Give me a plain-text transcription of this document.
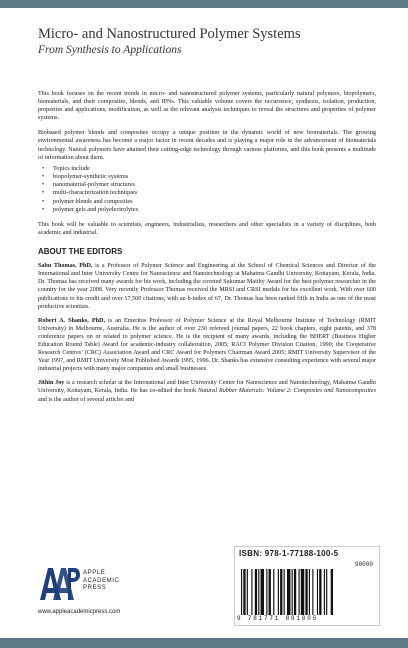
Micro- and Nanostructured Polymer Systems
From Synthesis to Applications

This book focuses on the recent trends in micro- and nanostructured polymer systems, particularly natural polymers, biopolymers, biomaterials, and their composites, blends, and IPNs. This valuable volume covers the occurrence, synthesis, isolation, production, properties and applications, modification, as well as the relevant analysis techniques to reveal the structures and properties of polymer systems.

Biobased polymer blends and composites occupy a unique position in the dynamic world of new biomaterials. The growing environmental awareness has become a major factor in recent decades and is playing a major role in the advancement of biomaterials technology. Natural polymers have attained their cutting-edge technology through various platforms, and this book presents a multitude of information about them.

• Topics include
• biopolymer-synthetic systems
• nanomaterial-polymer structures
• multi-characterization techniques
• polymer blends and composites
• polymer gels and polyelectrolytes

This book will be valuable to scientists, engineers, industrialists, researchers and other specialists in a variety of disciplines, both academic and industrial.

ABOUT THE EDITORS

Sabu Thomas, PhD, is a Professor of Polymer Science and Engineering at the School of Chemical Sciences and Director of the International and Inter University Centre for Nanoscience and Nanotechnology at Mahatma Gandhi University, Kottayam, Kerala, India. Dr. Thomas has received many awards for his work, including the coveted Sukumar Maithy Award for the best polymer researcher in the country for the year 2008. Very recently Professor Thomas received the MRSI and CRSI medals for his excellent work. With over 600 publications to his credit and over 17,500 citations, with an h-index of 67, Dr. Thomas has been ranked fifth in India as one of the most productive scientists.

Robert A. Shanks, PhD, is an Emeritus Professor of Polymer Science at the Royal Melbourne Institute of Technology (RMIT University) in Melbourne, Australia. He is the author of over 230 refereed journal papers, 22 book chapters, eight patents, and 378 conference papers on or related to polymer science. He is the recipient of many awards, including the BHERT (Business Higher Education Round Table) Award for academic-industry collaboration, 2005; RACI Polymer Division Citation, 1990; the Cooperative Research Centres’ (CRC) Association Award and CRC Award for Polymers Chairman Award 2005; RMIT University Supervisor of the Year 1997, and RMIT University Most Published Awards 1995, 1996. Dr. Shanks has extensive consulting experience with several major industrial projects with many major companies and small businesses.

Jithin Joy is a research scholar at the International and Inter University Centre for Nanoscience and Nanotechnology, Mahatma Gandhi University, Kottayam, Kerala, India. He has co-edited the book Natural Rubber Materials: Volume 2: Composites and Nanocomposites and is the author of several articles and

APPLE
ACADEMIC
PRESS
www.appleacademicpress.com
ISBN: 978-1-77188-100-5
90000
9 781771 881005
